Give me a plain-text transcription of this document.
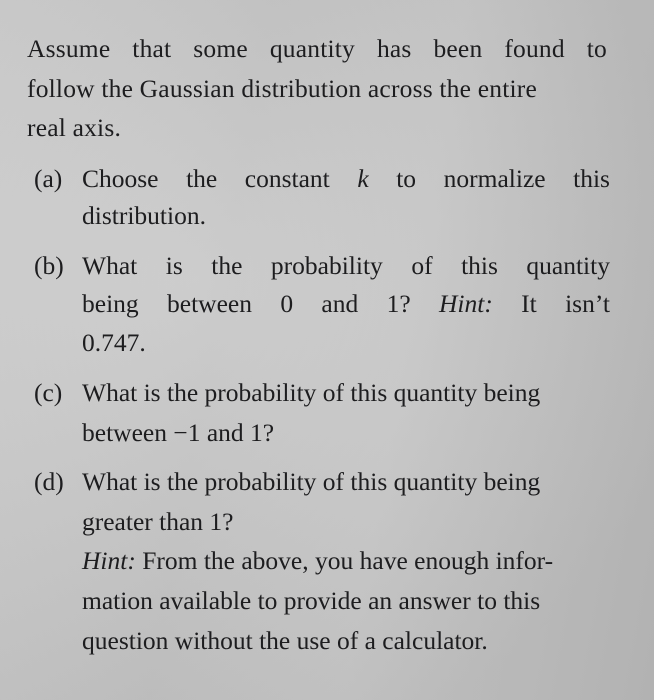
Assume that some quantity has been found to
follow the Gaussian distribution across the entire
real axis.
(a) Choose the constant k to normalize this
distribution.
(b) What is the probability of this quantity
being between 0 and 1? Hint: It isn’t
0.747.
(c) What is the probability of this quantity being
between −1 and 1?
(d) What is the probability of this quantity being
greater than 1?
Hint: From the above, you have enough infor-
mation available to provide an answer to this
question without the use of a calculator.
